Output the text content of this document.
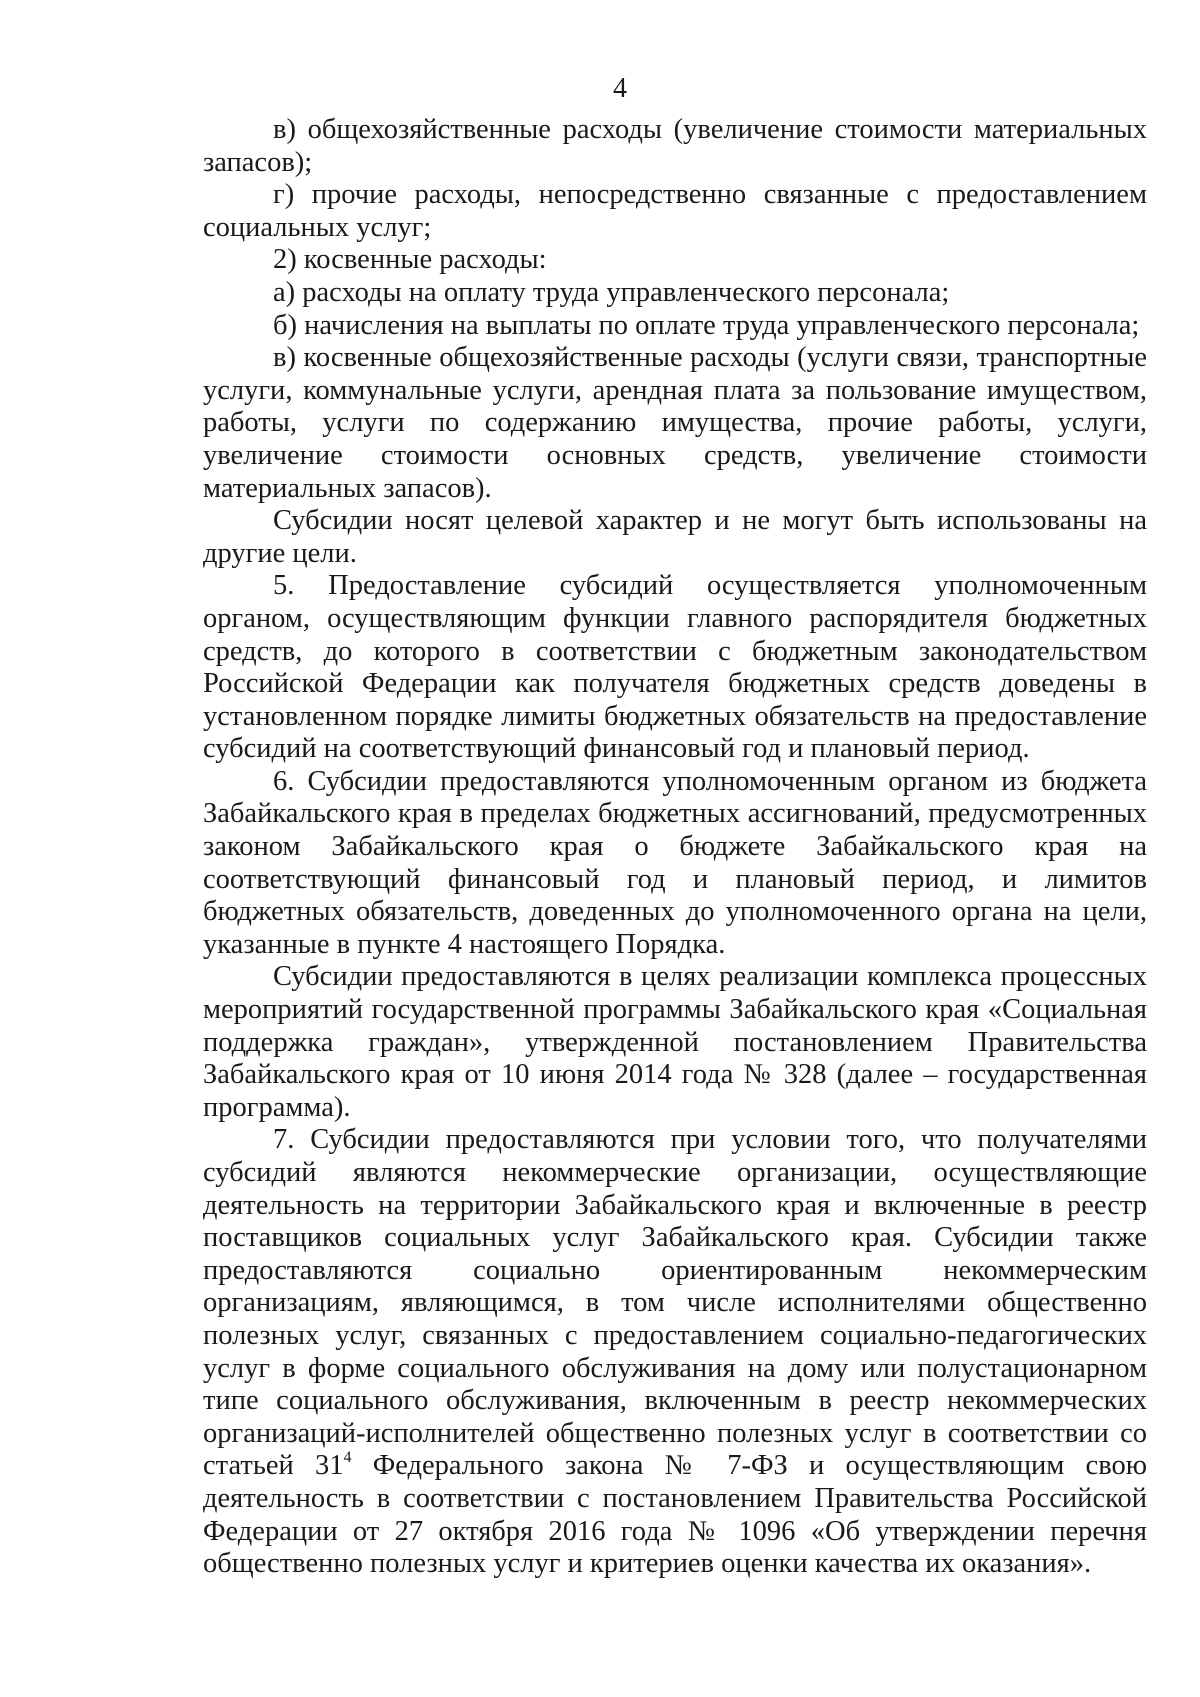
4

в) общехозяйственные расходы (увеличение стоимости материальных запасов);

г) прочие расходы, непосредственно связанные с предоставлением социальных услуг;

2) косвенные расходы:

а) расходы на оплату труда управленческого персонала;

б) начисления на выплаты по оплате труда управленческого персонала;

в) косвенные общехозяйственные расходы (услуги связи, транспортные услуги, коммунальные услуги, арендная плата за пользование имуществом, работы, услуги по содержанию имущества, прочие работы, услуги, увеличение стоимости основных средств, увеличение стоимости материальных запасов).

Субсидии носят целевой характер и не могут быть использованы на другие цели.

5. Предоставление субсидий осуществляется уполномоченным органом, осуществляющим функции главного распорядителя бюджетных средств, до которого в соответствии с бюджетным законодательством Российской Федерации как получателя бюджетных средств доведены в установленном порядке лимиты бюджетных обязательств на предоставление субсидий на соответствующий финансовый год и плановый период.

6. Субсидии предоставляются уполномоченным органом из бюджета Забайкальского края в пределах бюджетных ассигнований, предусмотренных законом Забайкальского края о бюджете Забайкальского края на соответствующий финансовый год и плановый период, и лимитов бюджетных обязательств, доведенных до уполномоченного органа на цели, указанные в пункте 4 настоящего Порядка.

Субсидии предоставляются в целях реализации комплекса процессных мероприятий государственной программы Забайкальского края «Социальная поддержка граждан», утвержденной постановлением Правительства Забайкальского края от 10 июня 2014 года № 328 (далее – государственная программа).

7. Субсидии предоставляются при условии того, что получателями субсидий являются некоммерческие организации, осуществляющие деятельность на территории Забайкальского края и включенные в реестр поставщиков социальных услуг Забайкальского края. Субсидии также предоставляются социально ориентированным некоммерческим организациям, являющимся, в том числе исполнителями общественно полезных услуг, связанных с предоставлением социально-педагогических услуг в форме социального обслуживания на дому или полустационарном типе социального обслуживания, включенным в реестр некоммерческих организаций-исполнителей общественно полезных услуг в соответствии со статьей $31^4$ Федерального закона № 7-ФЗ и осуществляющим свою деятельность в соответствии с постановлением Правительства Российской Федерации от 27 октября 2016 года № 1096 «Об утверждении перечня общественно полезных услуг и критериев оценки качества их оказания».
